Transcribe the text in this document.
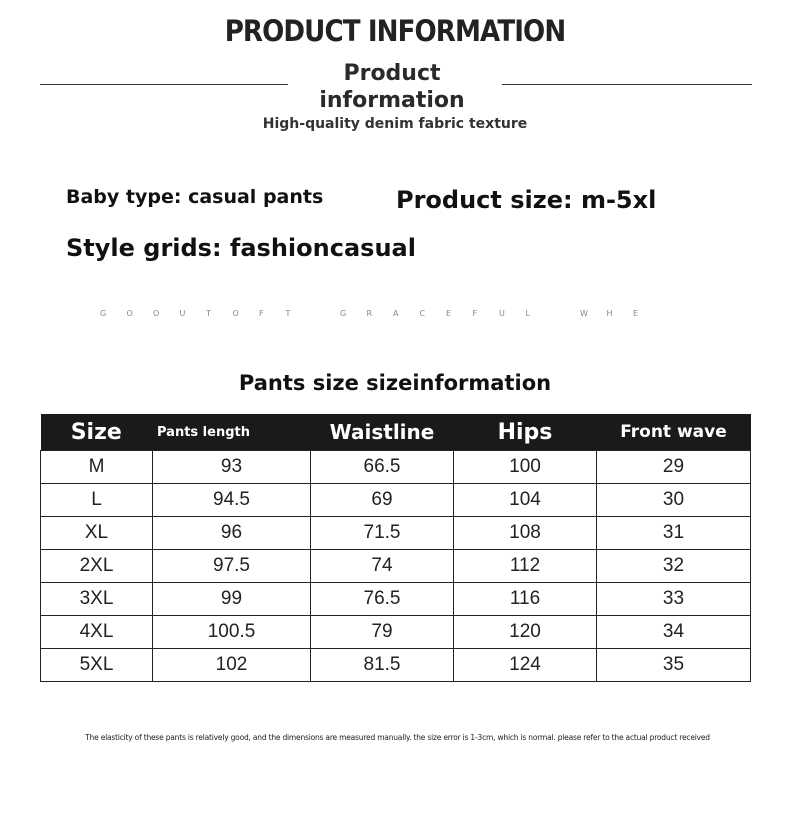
PRODUCT INFORMATION
Product
information
High-quality denim fabric texture
Baby type: casual pants	Product size: m-5xl
Style grids: fashioncasual
G	O	O	U	T	O	F	T	G	R	A	C	E	F	U	L	W	H	E
Pants size sizeinformation
Size	Pants length	Waistline	Hips	Front wave
M	93	66.5	100	29
L	94.5	69	104	30
XL	96	71.5	108	31
2XL	97.5	74	112	32
3XL	99	76.5	116	33
4XL	100.5	79	120	34
5XL	102	81.5	124	35
The elasticity of these pants is relatively good, and the dimensions are measured manually. the size error is 1-3cm, which is normal. please refer to the actual product received
